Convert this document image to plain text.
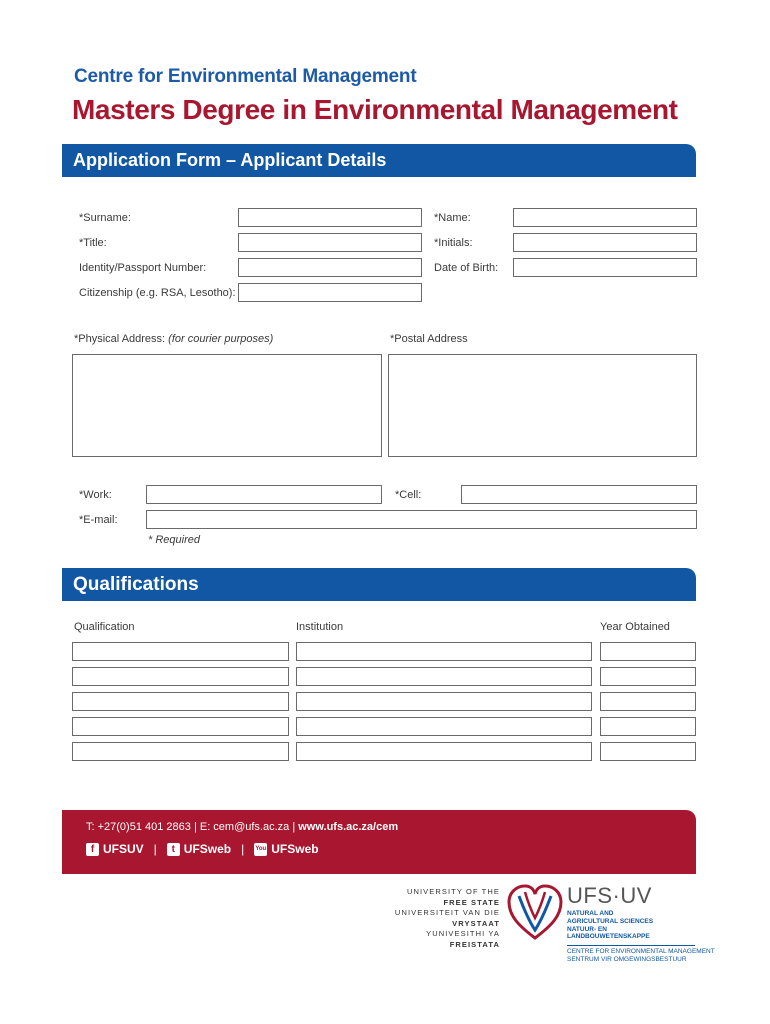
Centre for Environmental Management
Masters Degree in Environmental Management
Application Form – Applicant Details
*Surname:	*Name:
*Title:	*Initials:
Identity/Passport Number:	Date of Birth:
Citizenship (e.g. RSA, Lesotho):
*Physical Address: (for courier purposes)	*Postal Address
*Work:	*Cell:
*E-mail:
* Required
Qualifications
Qualification	Institution	Year Obtained
T: +27(0)51 401 2863 | E: cem@ufs.ac.za | www.ufs.ac.za/cem
f UFSUV |	t UFSweb | You UFSweb
UNIVERSITY OF THE
FREE STATE
UNIVERSITEIT VAN DIE
VRYSTAAT
YUNIVESITHI YA
FREISTATA
UFS·UV
NATURAL AND
AGRICULTURAL SCIENCES
NATUUR- EN
LANDBOUWETENSKAPPE
CENTRE FOR ENVIRONMENTAL MANAGEMENT
SENTRUM VIR OMGEWINGSBESTUUR
